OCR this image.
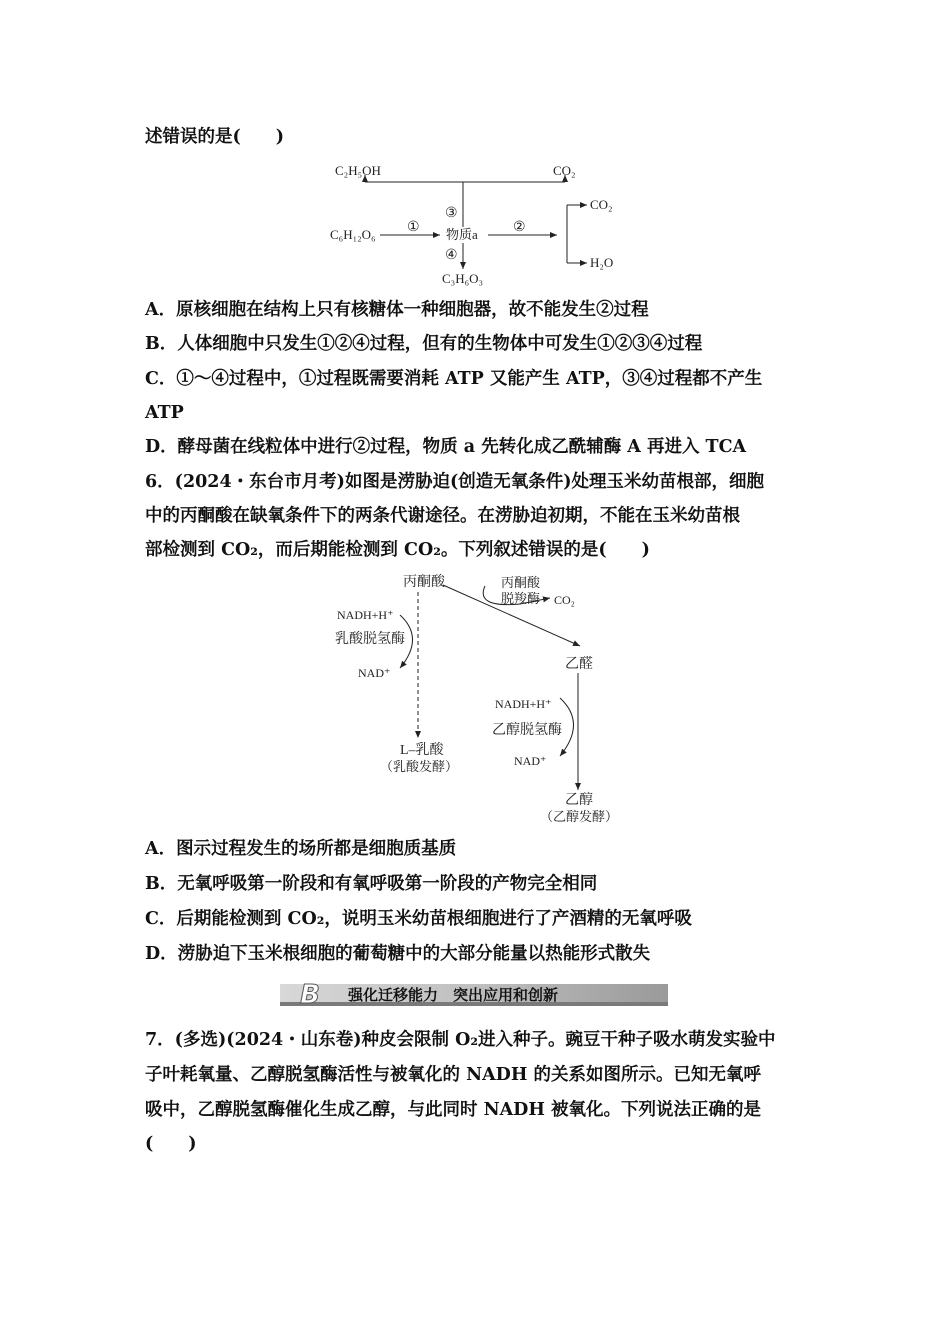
述错误的是(　　)
C₂H₅OH	CO₂
C₆H₁₂O₆ ①	②
③
④
物质a
CO₂
H₂O
C₃H₆O₃
A．原核细胞在结构上只有核糖体一种细胞器，故不能发生②过程
B．人体细胞中只发生①②④过程，但有的生物体中可发生①②③④过程
C．①～④过程中，①过程既需要消耗 ATP 又能产生 ATP，③④过程都不产生
ATP
D．酵母菌在线粒体中进行②过程，物质 a 先转化成乙酰辅酶 A 再进入 TCA
6．(2024・东台市月考)如图是涝胁迫(创造无氧条件)处理玉米幼苗根部，细胞
中的丙酮酸在缺氧条件下的两条代谢途径。在涝胁迫初期，不能在玉米幼苗根
部检测到 CO₂，而后期能检测到 CO₂。下列叙述错误的是(　　)
丙酮酸	丙酮酸
脱羧酶 CO₂
NADH+H⁺
乳酸脱氢酶
NAD⁺
乙醛
NADH+H⁺
乙醇脱氢酶
NAD⁺
L–乳酸
（乳酸发酵）
乙醇
（乙醇发酵）
A．图示过程发生的场所都是细胞质基质
B．无氧呼吸第一阶段和有氧呼吸第一阶段的产物完全相同
C．后期能检测到 CO₂，说明玉米幼苗根细胞进行了产酒精的无氧呼吸
D．涝胁迫下玉米根细胞的葡萄糖中的大部分能量以热能形式散失
B 强化迁移能力　突出应用和创新
7．(多选)(2024・山东卷)种皮会限制 O₂进入种子。豌豆干种子吸水萌发实验中
子叶耗氧量、乙醇脱氢酶活性与被氧化的 NADH 的关系如图所示。已知无氧呼
吸中，乙醇脱氢酶催化生成乙醇，与此同时 NADH 被氧化。下列说法正确的是
(　　)
